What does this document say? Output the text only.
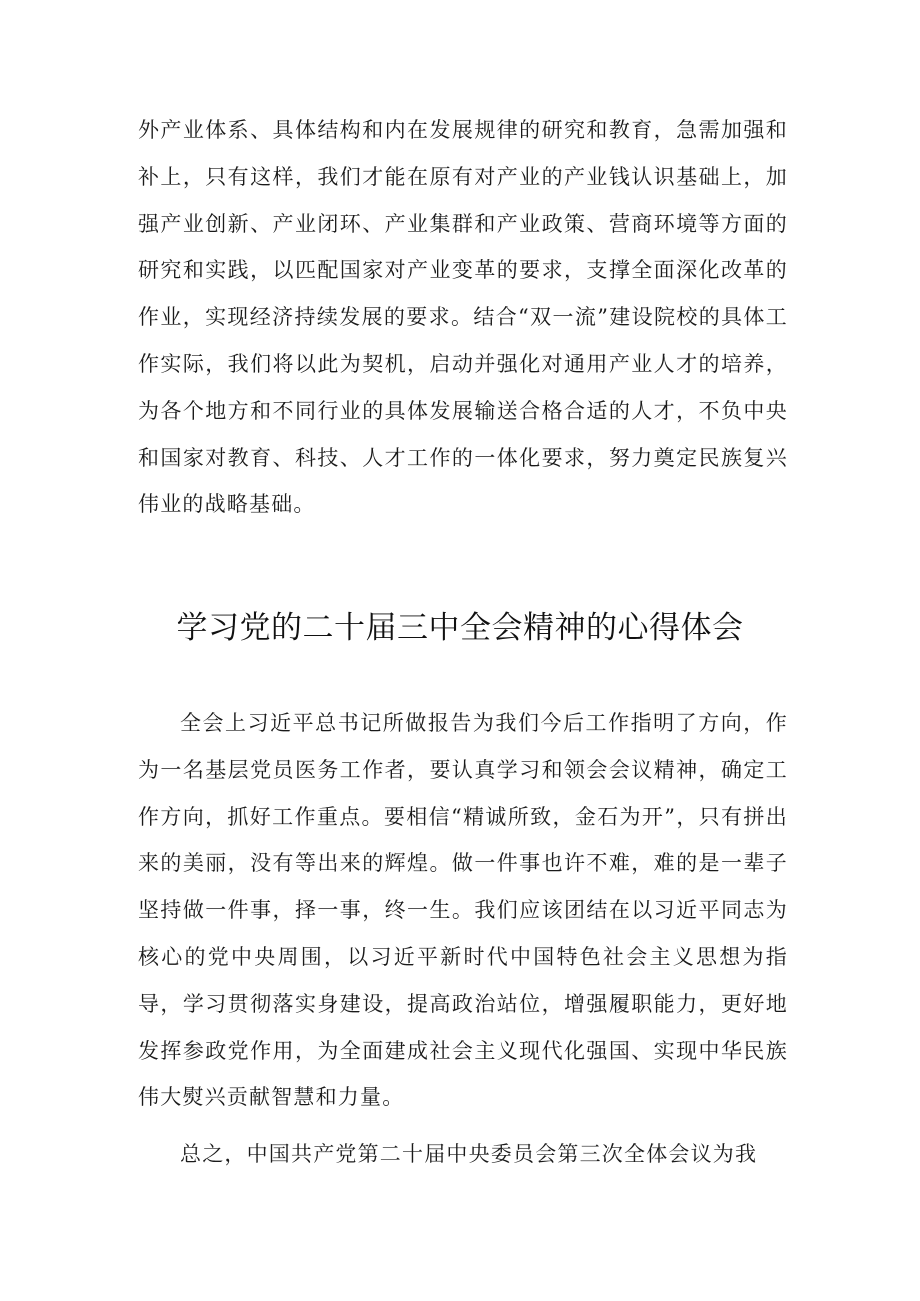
外产业体系、具体结构和内在发展规律的研究和教育，急需加强和补上，只有这样，我们才能在原有对产业的产业钱认识基础上，加强产业创新、产业闭环、产业集群和产业政策、营商环境等方面的研究和实践，以匹配国家对产业变革的要求，支撑全面深化改革的作业，实现经济持续发展的要求。结合“双一流”建设院校的具体工作实际，我们将以此为契机，启动并强化对通用产业人才的培养，为各个地方和不同行业的具体发展输送合格合适的人才，不负中央和国家对教育、科技、人才工作的一体化要求，努力奠定民族复兴伟业的战略基础。

学习党的二十届三中全会精神的心得体会

全会上习近平总书记所做报告为我们今后工作指明了方向，作为一名基层党员医务工作者，要认真学习和领会会议精神，确定工作方向，抓好工作重点。要相信“精诚所致，金石为开”，只有拼出来的美丽，没有等出来的辉煌。做一件事也许不难，难的是一辈子坚持做一件事，择一事，终一生。我们应该团结在以习近平同志为核心的党中央周围，以习近平新时代中国特色社会主义思想为指导，学习贯彻落实身建设，提高政治站位，增强履职能力，更好地发挥参政党作用，为全面建成社会主义现代化强国、实现中华民族伟大熨兴贡献智慧和力量。

总之，中国共产党第二十届中央委员会第三次全体会议为我
